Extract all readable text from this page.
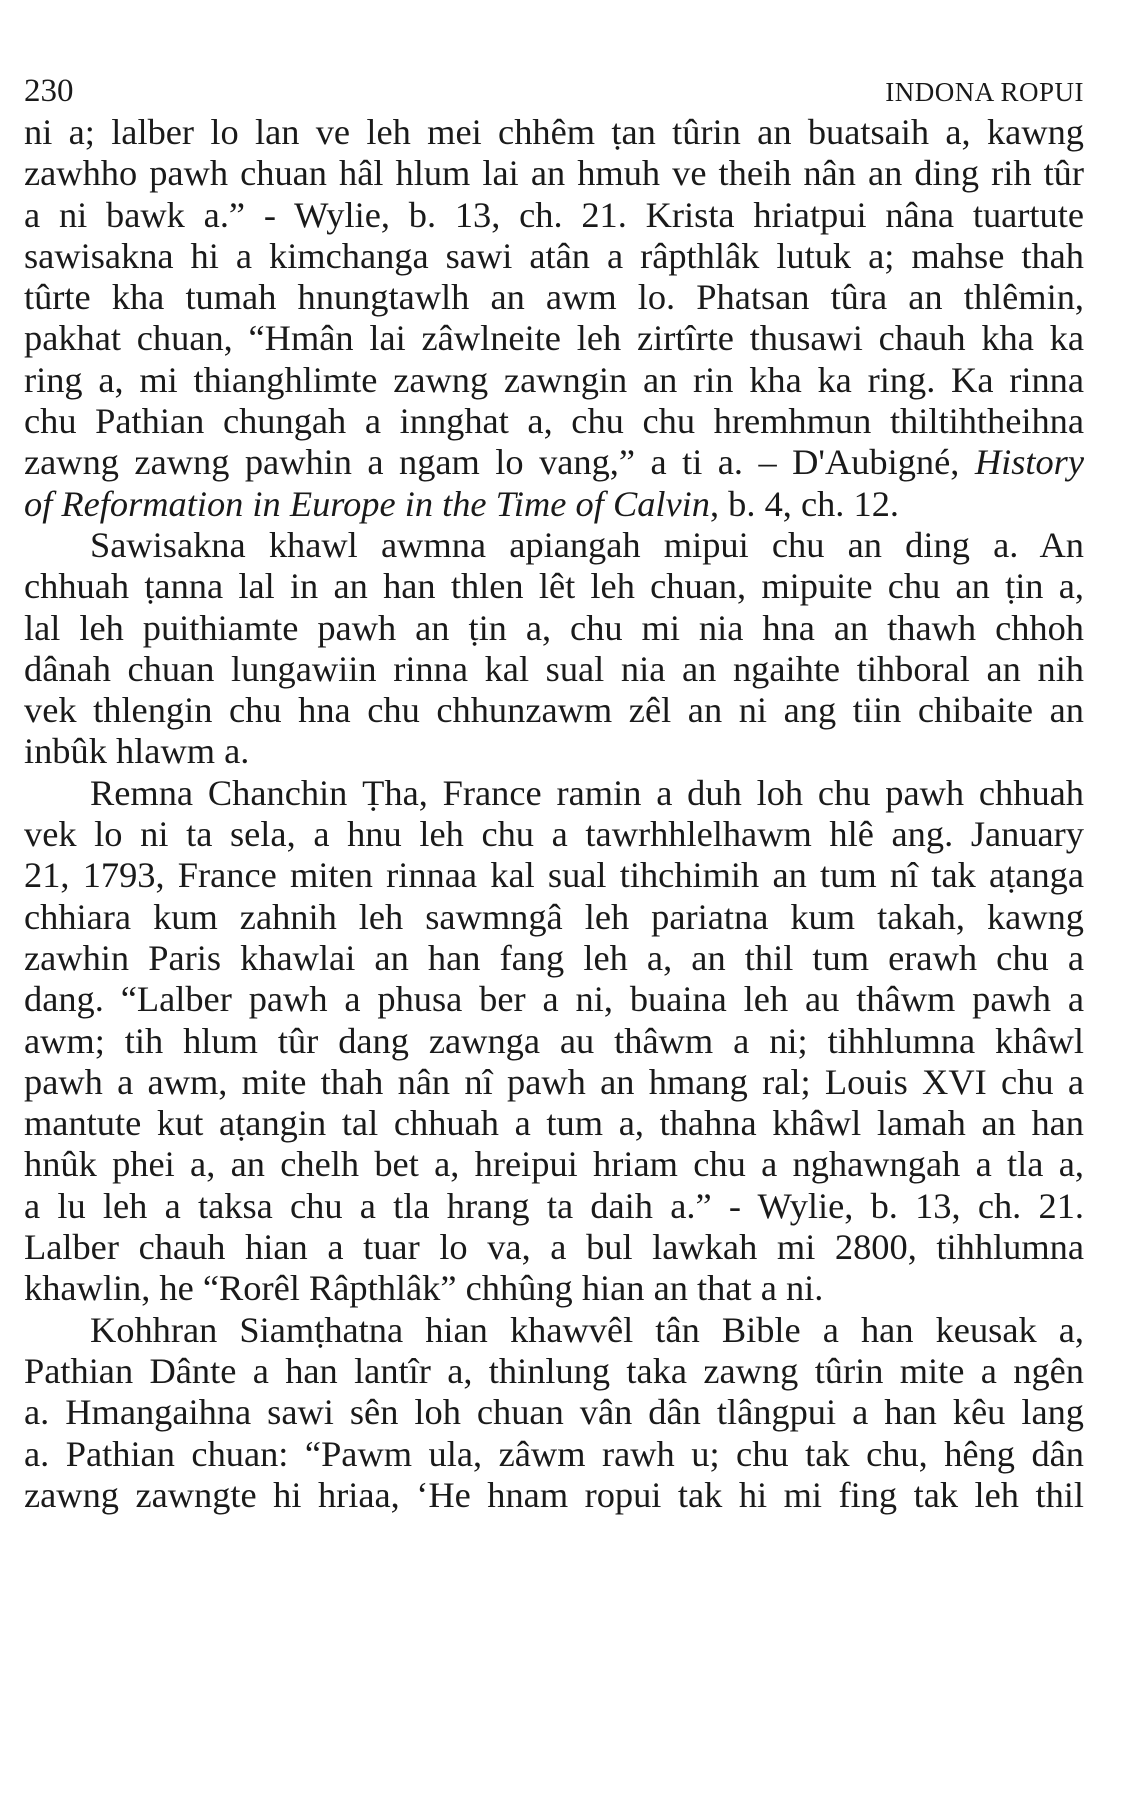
230	INDONA ROPUI
ni a; lalber lo lan ve leh mei chhêm ṭan tûrin an buatsaih a, kawng
zawhho pawh chuan hâl hlum lai an hmuh ve theih nân an ding rih tûr
a ni bawk a.” - Wylie, b. 13, ch. 21. Krista hriatpui nâna tuartute
sawisakna hi a kimchanga sawi atân a râpthlâk lutuk a; mahse thah
tûrte kha tumah hnungtawlh an awm lo. Phatsan tûra an thlêmin,
pakhat chuan, “Hmân lai zâwlneite leh zirtîrte thusawi chauh kha ka
ring a, mi thianghlimte zawng zawngin an rin kha ka ring. Ka rinna
chu Pathian chungah a innghat a, chu chu hremhmun thiltihtheihna
zawng zawng pawhin a ngam lo vang,” a ti a. – D'Aubigné, History
of Reformation in Europe in the Time of Calvin, b. 4, ch. 12.
Sawisakna khawl awmna apiangah mipui chu an ding a. An
chhuah ṭanna lal in an han thlen lêt leh chuan, mipuite chu an ṭin a,
lal leh puithiamte pawh an ṭin a, chu mi nia hna an thawh chhoh
dânah chuan lungawiin rinna kal sual nia an ngaihte tihboral an nih
vek thlengin chu hna chu chhunzawm zêl an ni ang tiin chibaite an
inbûk hlawm a.
Remna Chanchin Ṭha, France ramin a duh loh chu pawh chhuah
vek lo ni ta sela, a hnu leh chu a tawrhhlelhawm hlê ang. January
21, 1793, France miten rinnaa kal sual tihchimih an tum nî tak aṭanga
chhiara kum zahnih leh sawmngâ leh pariatna kum takah, kawng
zawhin Paris khawlai an han fang leh a, an thil tum erawh chu a
dang. “Lalber pawh a phusa ber a ni, buaina leh au thâwm pawh a
awm; tih hlum tûr dang zawnga au thâwm a ni; tihhlumna khâwl
pawh a awm, mite thah nân nî pawh an hmang ral; Louis XVI chu a
mantute kut aṭangin tal chhuah a tum a, thahna khâwl lamah an han
hnûk phei a, an chelh bet a, hreipui hriam chu a nghawngah a tla a,
a lu leh a taksa chu a tla hrang ta daih a.” - Wylie, b. 13, ch. 21.
Lalber chauh hian a tuar lo va, a bul lawkah mi 2800, tihhlumna
khawlin, he “Rorêl Râpthlâk” chhûng hian an that a ni.
Kohhran Siamṭhatna hian khawvêl tân Bible a han keusak a,
Pathian Dânte a han lantîr a, thinlung taka zawng tûrin mite a ngên
a. Hmangaihna sawi sên loh chuan vân dân tlângpui a han kêu lang
a. Pathian chuan: “Pawm ula, zâwm rawh u; chu tak chu, hêng dân
zawng zawngte hi hriaa, ‘He hnam ropui tak hi mi fing tak leh thil
